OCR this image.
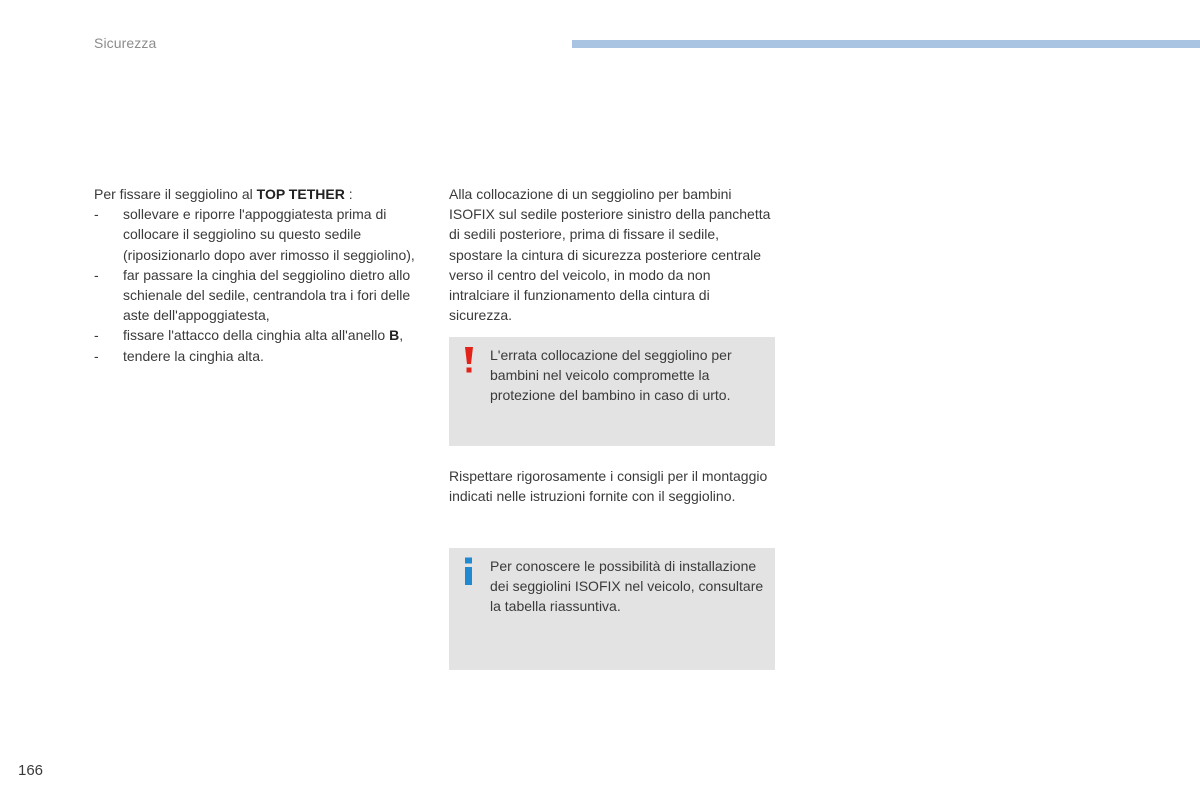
Sicurezza

Per fissare il seggiolino al TOP TETHER :

- sollevare e riporre l'appoggiatesta prima di collocare il seggiolino su questo sedile (riposizionarlo dopo aver rimosso il seggiolino),
- far passare la cinghia del seggiolino dietro allo schienale del sedile, centrandola tra i fori delle aste dell'appoggiatesta,
- fissare l'attacco della cinghia alta all'anello B,
- tendere la cinghia alta.

Alla collocazione di un seggiolino per bambini ISOFIX sul sedile posteriore sinistro della panchetta di sedili posteriore, prima di fissare il sedile, spostare la cintura di sicurezza posteriore centrale verso il centro del veicolo, in modo da non intralciare il funzionamento della cintura di sicurezza.

L'errata collocazione del seggiolino per bambini nel veicolo compromette la protezione del bambino in caso di urto.

Rispettare rigorosamente i consigli per il montaggio indicati nelle istruzioni fornite con il seggiolino.

Per conoscere le possibilità di installazione dei seggiolini ISOFIX nel veicolo, consultare la tabella riassuntiva.
166
